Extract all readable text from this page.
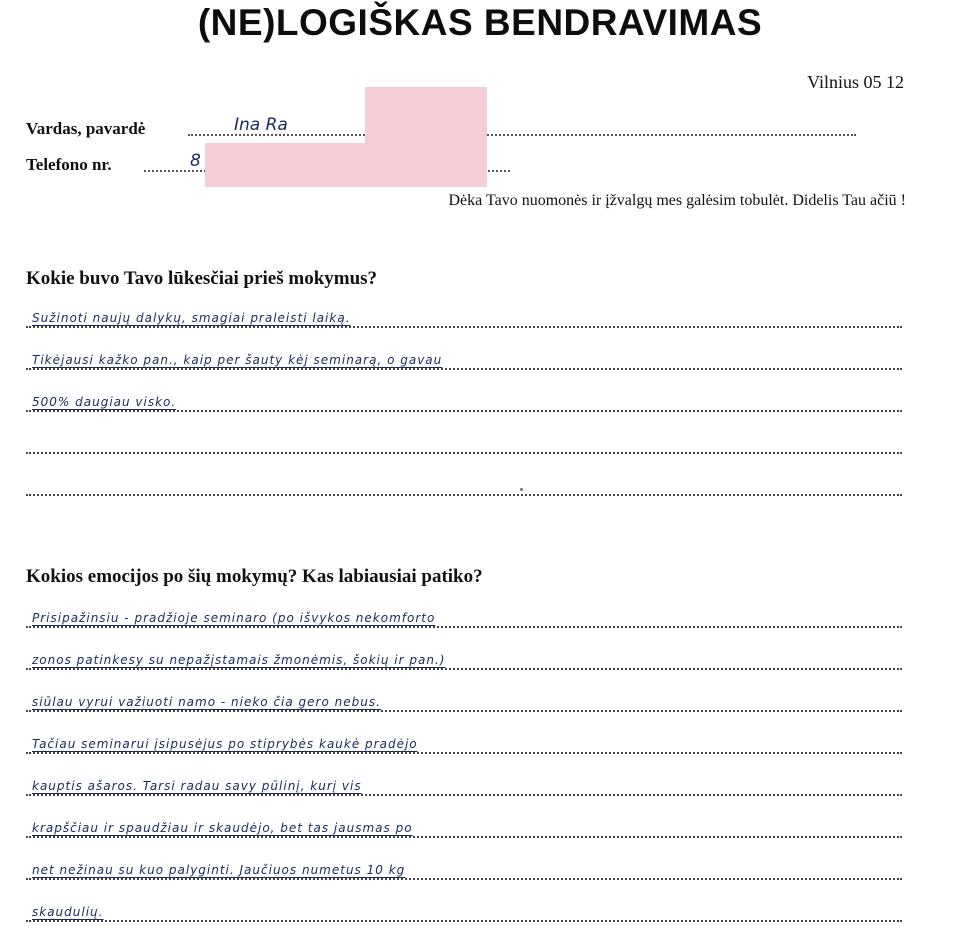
(NE)LOGIŠKAS BENDRAVIMAS
Vilnius 05 12
Vardas, pavardė	Ina Ra
Telefono nr.	8
Dėka Tavo nuomonės ir įžvalgų mes galėsim tobulėt. Didelis Tau ačiū !
Kokie buvo Tavo lūkesčiai prieš mokymus?
Sužinoti naujų dalykų, smagiai praleisti laiką.
Tikėjausi kažko pan., kaip per šauty kėj seminarą, o gavau
500% daugiau visko.
Kokios emocijos po šių mokymų? Kas labiausiai patiko?
Prisipažinsiu - pradžioje seminaro (po išvykos nekomforto
zonos patinkesy su nepažįstamais žmonėmis, šokių ir pan.)
siūlau vyrui važiuoti namo - nieko čia gero nebus.
Tačiau seminarui įsipusėjus po stiprybės kaukė pradėjo
kauptis ašaros. Tarsi radau savy pūlinį, kurį vis
krapščiau ir spaudžiau ir skaudėjo, bet tas jausmas po
net nežinau su kuo palyginti. Jaučiuos numetus 10 kg
skaudulių.
